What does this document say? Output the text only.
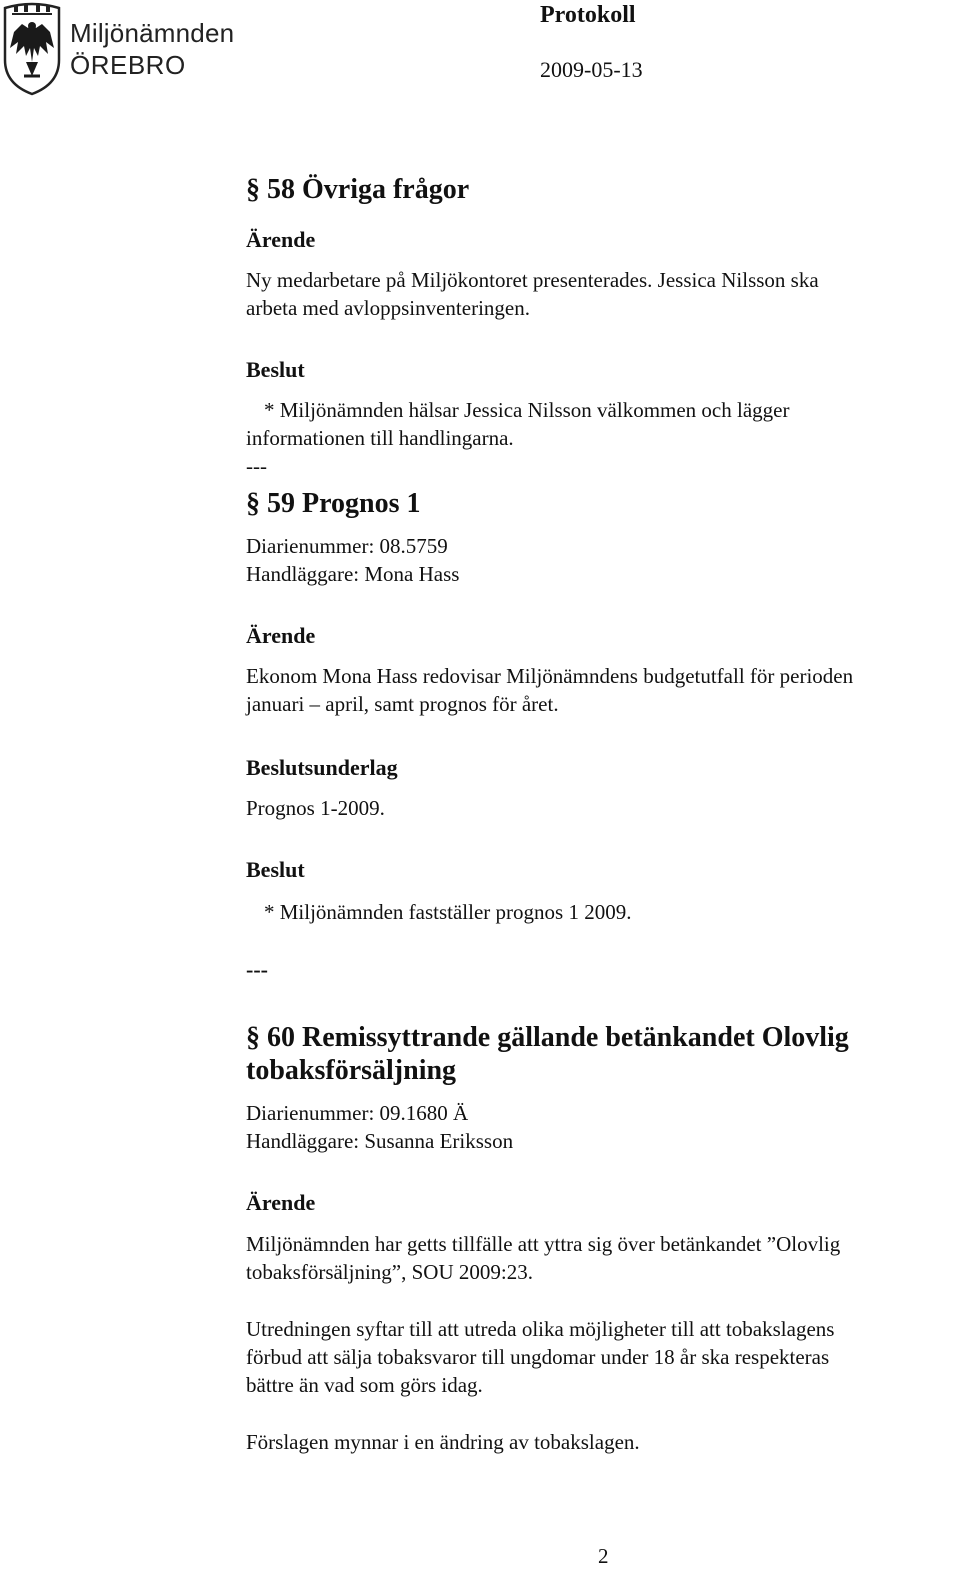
Miljönämnden
ÖREBRO
Protokoll
2009-05-13
§ 58 Övriga frågor
Ärende
Ny medarbetare på Miljökontoret presenterades. Jessica Nilsson ska
arbeta med avloppsinventeringen.
Beslut
* Miljönämnden hälsar Jessica Nilsson välkommen och lägger
informationen till handlingarna.
---
§ 59 Prognos 1
Diarienummer: 08.5759
Handläggare: Mona Hass
Ärende
Ekonom Mona Hass redovisar Miljönämndens budgetutfall för perioden
januari – april, samt prognos för året.
Beslutsunderlag
Prognos 1-2009.
Beslut
* Miljönämnden fastställer prognos 1 2009.
---
§ 60 Remissyttrande gällande betänkandet Olovlig
tobaksförsäljning
Diarienummer: 09.1680 Ä
Handläggare: Susanna Eriksson
Ärende
Miljönämnden har getts tillfälle att yttra sig över betänkandet ”Olovlig
tobaksförsäljning”, SOU 2009:23.
Utredningen syftar till att utreda olika möjligheter till att tobakslagens
förbud att sälja tobaksvaror till ungdomar under 18 år ska respekteras
bättre än vad som görs idag.
Förslagen mynnar i en ändring av tobakslagen.
2
